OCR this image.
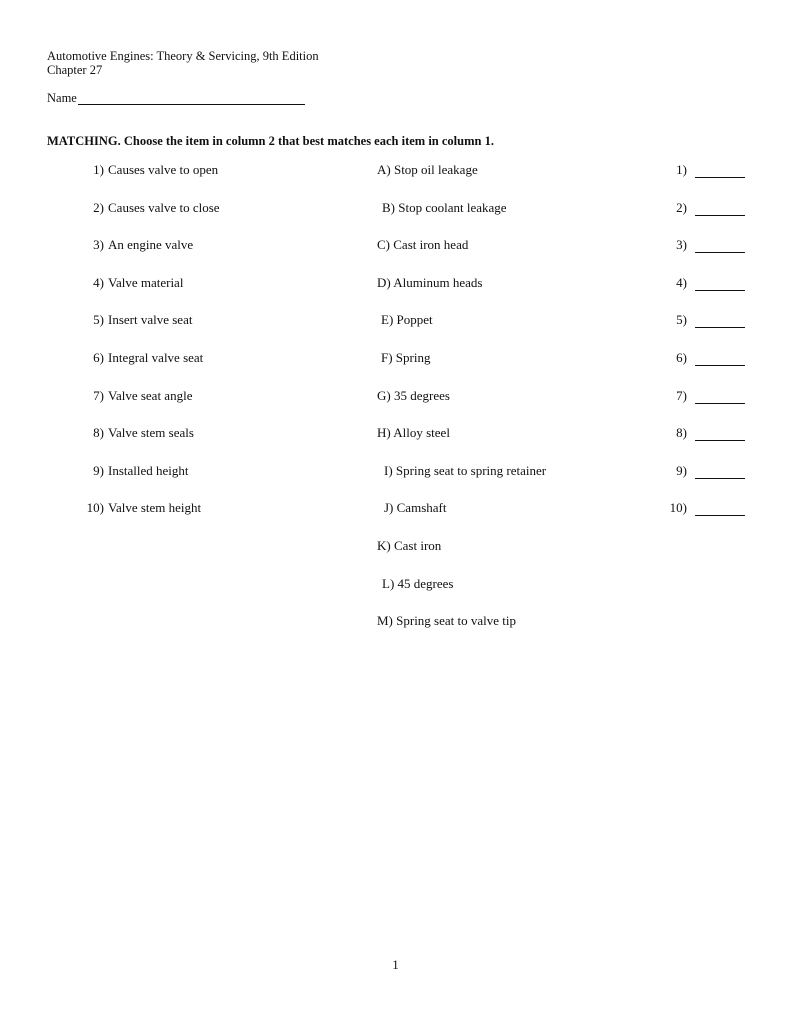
Automotive Engines: Theory & Servicing, 9th Edition
Chapter 27
Name
MATCHING. Choose the item in column 2 that best matches each item in column 1.
1) Causes valve to open	A) Stop oil leakage	1)
2) Causes valve to close	B) Stop coolant leakage	2)
3) An engine valve	C) Cast iron head	3)
4) Valve material	D) Aluminum heads	4)
5) Insert valve seat	E) Poppet	5)
6) Integral valve seat	F) Spring	6)
7) Valve seat angle	G) 35 degrees	7)
8) Valve stem seals	H) Alloy steel	8)
9) Installed height	I) Spring seat to spring retainer	9)
10) Valve stem height	J) Camshaft	10)
K) Cast iron
L) 45 degrees
M) Spring seat to valve tip
1
